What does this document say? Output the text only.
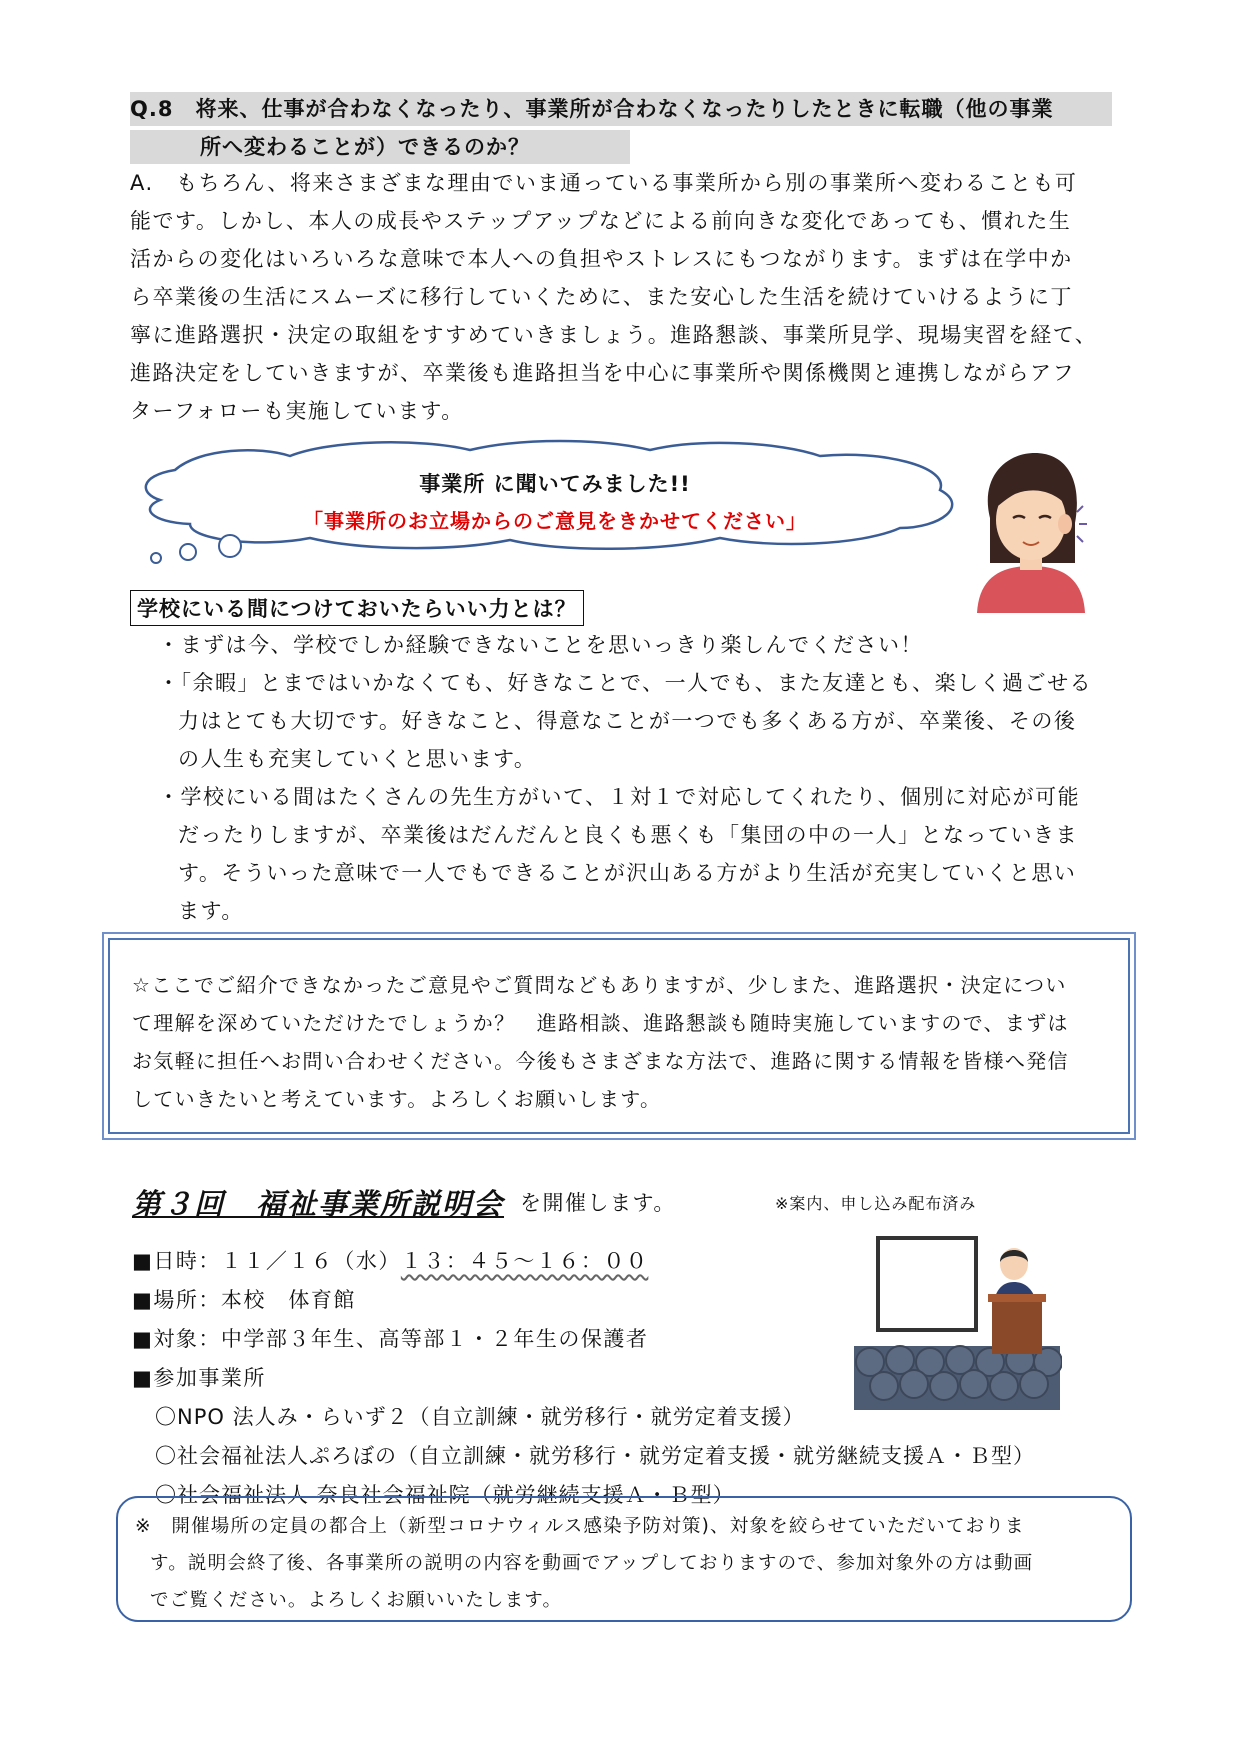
Q.8　将来、仕事が合わなくなったり、事業所が合わなくなったりしたときに転職（他の事業
所へ変わることが）できるのか？
A.　もちろん、将来さまざまな理由でいま通っている事業所から別の事業所へ変わることも可
能です。しかし、本人の成長やステップアップなどによる前向きな変化であっても、慣れた生
活からの変化はいろいろな意味で本人への負担やストレスにもつながります。まずは在学中か
ら卒業後の生活にスムーズに移行していくために、また安心した生活を続けていけるように丁
寧に進路選択・決定の取組をすすめていきましょう。進路懇談、事業所見学、現場実習を経て、
進路決定をしていきますが、卒業後も進路担当を中心に事業所や関係機関と連携しながらアフ
ターフォローも実施しています。
事業所 に聞いてみました!!
「事業所のお立場からのご意見をきかせてください」
学校にいる間につけておいたらいい力とは？
・まずは今、学校でしか経験できないことを思いっきり楽しんでください！
・「余暇」とまではいかなくても、好きなことで、一人でも、また友達とも、楽しく過ごせる
力はとても大切です。好きなこと、得意なことが一つでも多くある方が、卒業後、その後
の人生も充実していくと思います。
・学校にいる間はたくさんの先生方がいて、１対１で対応してくれたり、個別に対応が可能
だったりしますが、卒業後はだんだんと良くも悪くも「集団の中の一人」となっていきま
す。そういった意味で一人でもできることが沢山ある方がより生活が充実していくと思い
ます。
☆ここでご紹介できなかったご意見やご質問などもありますが、少しまた、進路選択・決定につい
て理解を深めていただけたでしょうか？　進路相談、進路懇談も随時実施していますので、まずは
お気軽に担任へお問い合わせください。今後もさまざまな方法で、進路に関する情報を皆様へ発信
していきたいと考えています。よろしくお願いします。
第３回　福祉事業所説明会 を開催します。	※案内、申し込み配布済み
■日時：１１／１６（水）１３：４５～１６：００
■場所：本校　体育館
■対象：中学部３年生、高等部１・２年生の保護者
■参加事業所
〇NPO 法人み・らいず２（自立訓練・就労移行・就労定着支援）
〇社会福祉法人ぷろぼの（自立訓練・就労移行・就労定着支援・就労継続支援Ａ・Ｂ型）
〇社会福祉法人 奈良社会福祉院（就労継続支援Ａ・Ｂ型）
※　開催場所の定員の都合上（新型コロナウィルス感染予防対策)、対象を絞らせていただいておりま
す。説明会終了後、各事業所の説明の内容を動画でアップしておりますので、参加対象外の方は動画
でご覧ください。よろしくお願いいたします。
